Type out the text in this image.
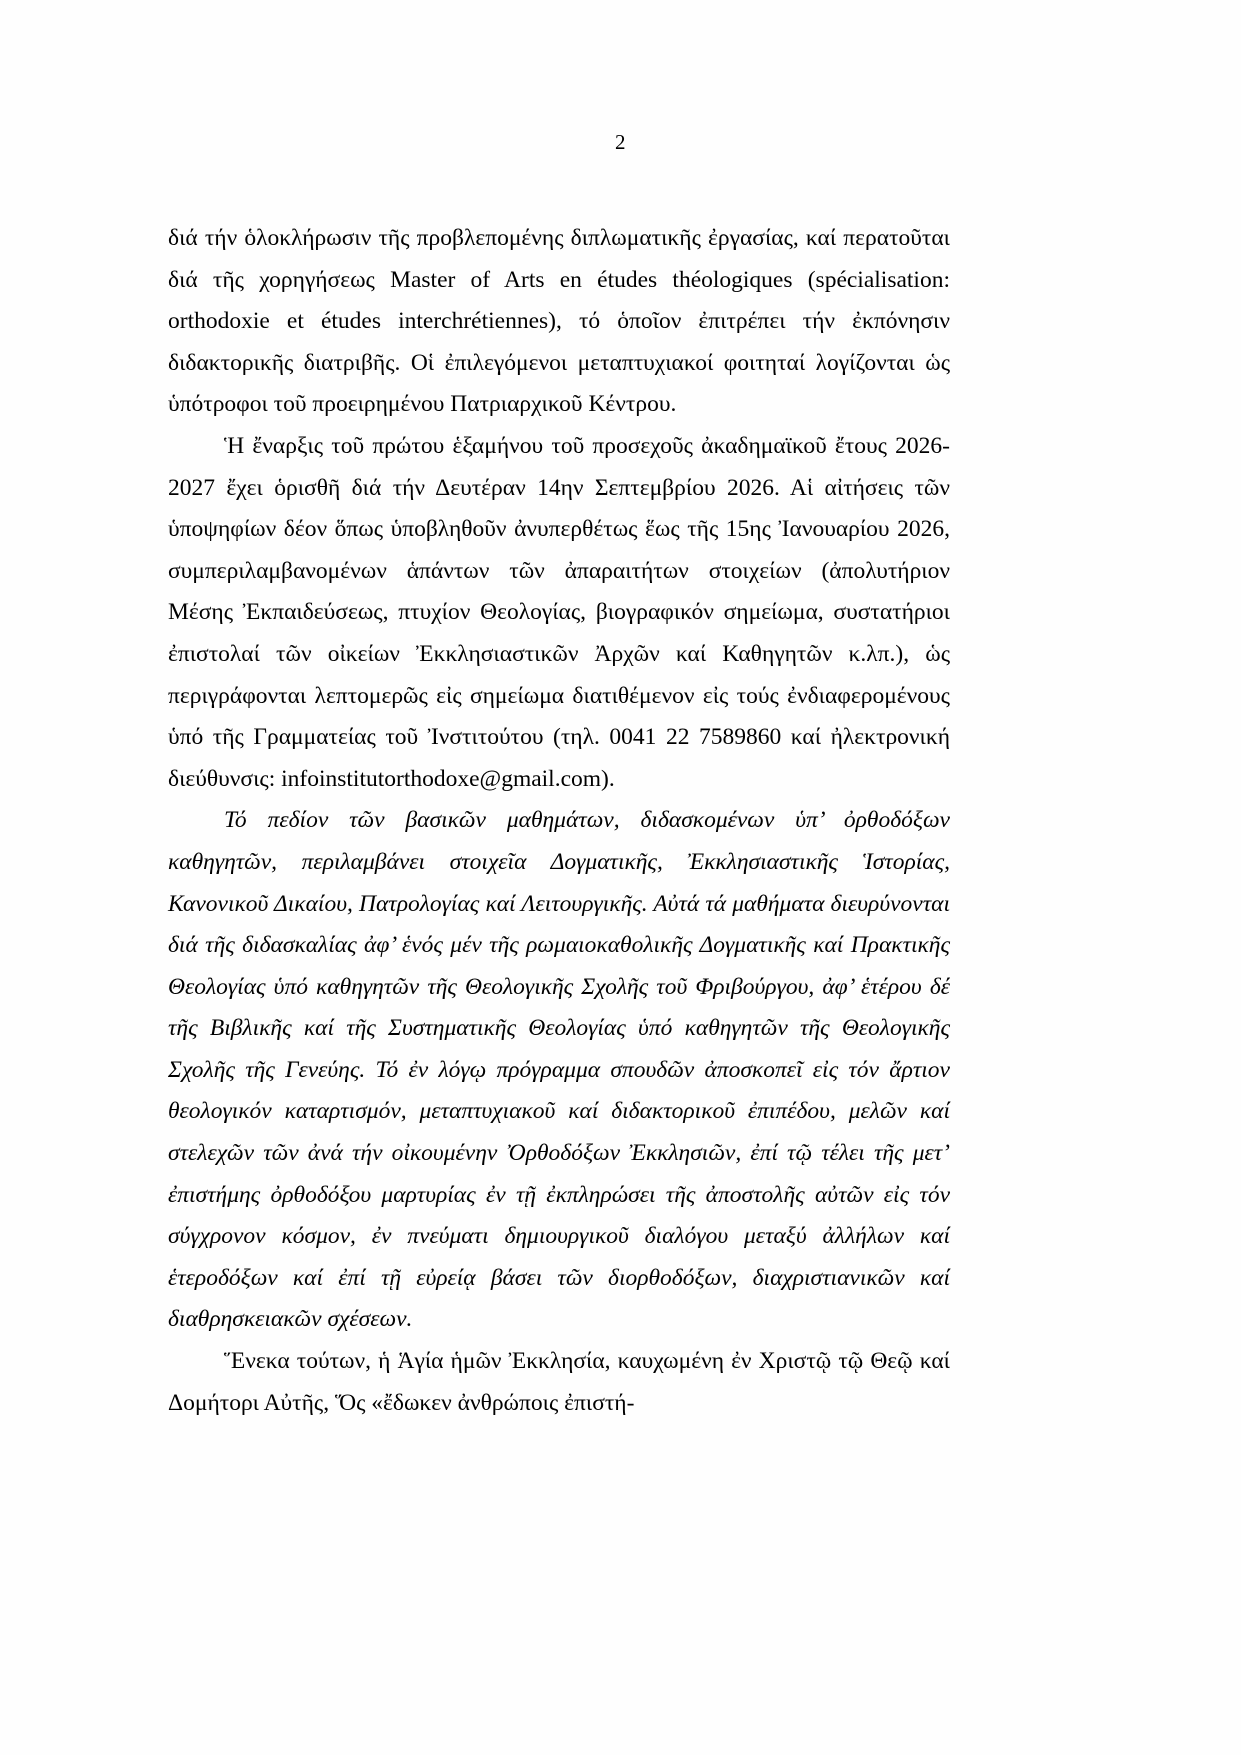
2

διά τήν ὁλοκλήρωσιν τῆς προβλεπομένης διπλωματικῆς ἐργασίας, καί περατοῦται διά τῆς χορηγήσεως Master of Arts en études théologiques (spécialisation: orthodoxie et études interchrétiennes), τό ὁποῖον ἐπιτρέπει τήν ἐκπόνησιν διδακτορικῆς διατριβῆς. Οἱ ἐπιλεγόμενοι μεταπτυχιακοί φοιτηταί λογίζονται ὡς ὑπότροφοι τοῦ προειρημένου Πατριαρχικοῦ Κέντρου.

Ἡ ἔναρξις τοῦ πρώτου ἑξαμήνου τοῦ προσεχοῦς ἀκαδημαϊκοῦ ἔτους 2026-2027 ἔχει ὁρισθῆ διά τήν Δευτέραν 14ην Σεπτεμβρίου 2026. Αἱ αἰτήσεις τῶν ὑποψηφίων δέον ὅπως ὑποβληθοῦν ἀνυπερθέτως ἕως τῆς 15ης Ἰανουαρίου 2026, συμπεριλαμβανομένων ἁπάντων τῶν ἀπαραιτήτων στοιχείων (ἀπολυτήριον Μέσης Ἐκπαιδεύσεως, πτυχίον Θεολογίας, βιογραφικόν σημείωμα, συστατήριοι ἐπιστολαί τῶν οἰκείων Ἐκκλησιαστικῶν Ἀρχῶν καί Καθηγητῶν κ.λπ.), ὡς περιγράφονται λεπτομερῶς εἰς σημείωμα διατιθέμενον εἰς τούς ἐνδιαφερομένους ὑπό τῆς Γραμματείας τοῦ Ἰνστιτούτου (τηλ. 0041 22 7589860 καί ἠλεκτρονική διεύθυνσις: infoinstitutorthodoxe@gmail.com).

Τό πεδίον τῶν βασικῶν μαθημάτων, διδασκομένων ὑπ’ ὀρθοδόξων καθηγητῶν, περιλαμβάνει στοιχεῖα Δογματικῆς, Ἐκκλησιαστικῆς Ἱστορίας, Κανονικοῦ Δικαίου, Πατρολογίας καί Λειτουργικῆς. Αὐτά τά μαθήματα διευρύνονται διά τῆς διδασκαλίας ἀφ’ ἑνός μέν τῆς ρωμαιοκαθολικῆς Δογματικῆς καί Πρακτικῆς Θεολογίας ὑπό καθηγητῶν τῆς Θεολογικῆς Σχολῆς τοῦ Φριβούργου, ἀφ’ ἑτέρου δέ τῆς Βιβλικῆς καί τῆς Συστηματικῆς Θεολογίας ὑπό καθηγητῶν τῆς Θεολογικῆς Σχολῆς τῆς Γενεύης. Τό ἐν λόγῳ πρόγραμμα σπουδῶν ἀποσκοπεῖ εἰς τόν ἄρτιον θεολογικόν καταρτισμόν, μεταπτυχιακοῦ καί διδακτορικοῦ ἐπιπέδου, μελῶν καί στελεχῶν τῶν ἀνά τήν οἰκουμένην Ὀρθοδόξων Ἐκκλησιῶν, ἐπί τῷ τέλει τῆς μετ’ ἐπιστήμης ὀρθοδόξου μαρτυρίας ἐν τῇ ἐκπληρώσει τῆς ἀποστολῆς αὐτῶν εἰς τόν σύγχρονον κόσμον, ἐν πνεύματι δημιουργικοῦ διαλόγου μεταξύ ἀλλήλων καί ἑτεροδόξων καί ἐπί τῇ εὐρείᾳ βάσει τῶν διορθοδόξων, διαχριστιανικῶν καί διαθρησκειακῶν σχέσεων.

Ἕνεκα τούτων, ἡ Ἁγία ἡμῶν Ἐκκλησία, καυχωμένη ἐν Χριστῷ τῷ Θεῷ καί Δομήτορι Αὐτῆς, Ὅς «ἔδωκεν ἀνθρώποις ἐπιστή-
